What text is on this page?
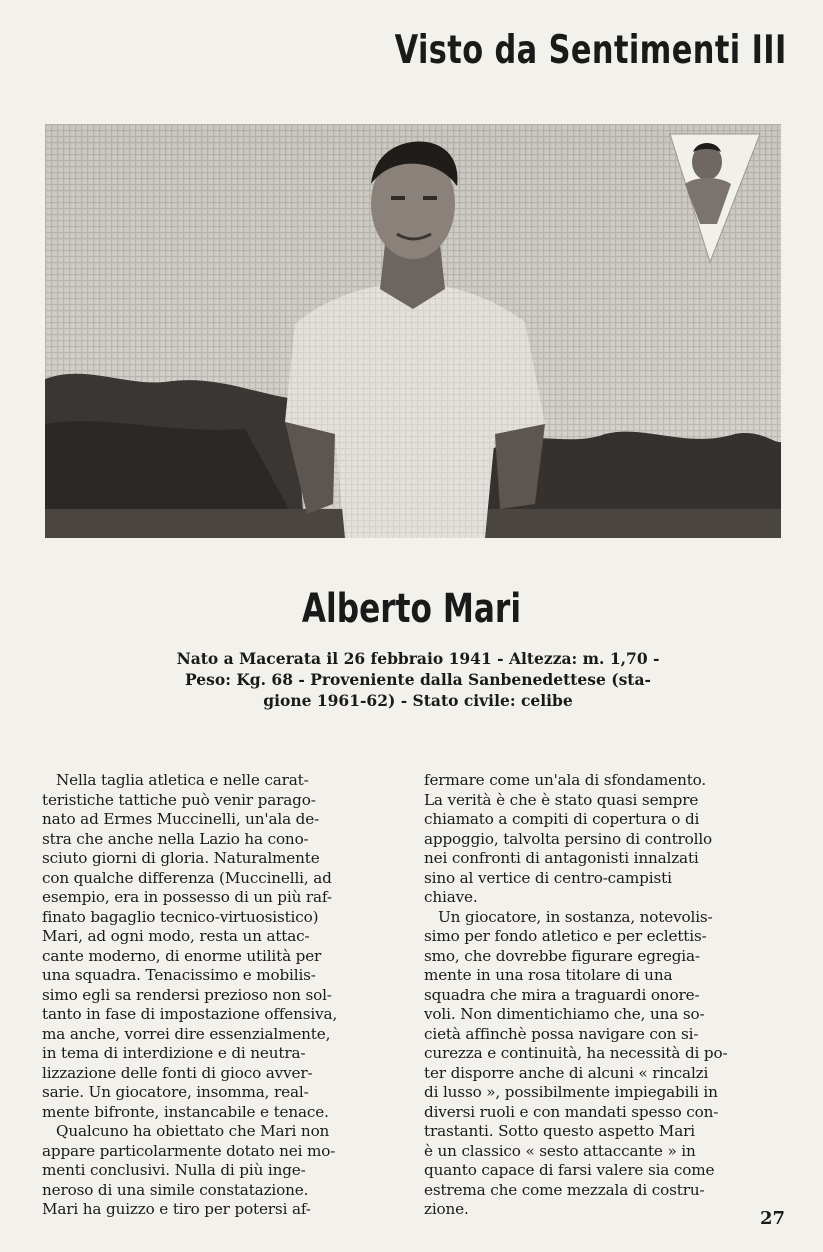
Visto da Sentimenti III
Alberto Mari
Nato a Macerata il 26 febbraio 1941 - Altezza: m. 1,70 -
Peso: Kg. 68 - Proveniente dalla Sanbenedettese (sta-
gione 1961-62) - Stato civile: celibe
Nella taglia atletica e nelle carat-
teristiche tattiche può venir parago-
nato ad Ermes Muccinelli, un'ala de-
stra che anche nella Lazio ha cono-
sciuto giorni di gloria. Naturalmente
con qualche differenza (Muccinelli, ad
esempio, era in possesso di un più raf-
finato bagaglio tecnico-virtuosistico)
Mari, ad ogni modo, resta un attac-
cante moderno, di enorme utilità per
una squadra. Tenacissimo e mobilis-
simo egli sa rendersi prezioso non sol-
tanto in fase di impostazione offensiva,
ma anche, vorrei dire essenzialmente,
in tema di interdizione e di neutra-
lizzazione delle fonti di gioco avver-
sarie. Un giocatore, insomma, real-
mente bifronte, instancabile e tenace.
Qualcuno ha obiettato che Mari non
appare particolarmente dotato nei mo-
menti conclusivi. Nulla di più inge-
neroso di una simile constatazione.
Mari ha guizzo e tiro per potersi af-
fermare come un'ala di sfondamento.
La verità è che è stato quasi sempre
chiamato a compiti di copertura o di
appoggio, talvolta persino di controllo
nei confronti di antagonisti innalzati
sino al vertice di centro-campisti
chiave.
Un giocatore, in sostanza, notevolis-
simo per fondo atletico e per eclettis-
smo, che dovrebbe figurare egregia-
mente in una rosa titolare di una
squadra che mira a traguardi onore-
voli. Non dimentichiamo che, una so-
cietà affinchè possa navigare con si-
curezza e continuità, ha necessità di po-
ter disporre anche di alcuni « rincalzi
di lusso », possibilmente impiegabili in
diversi ruoli e con mandati spesso con-
trastanti. Sotto questo aspetto Mari
è un classico « sesto attaccante » in
quanto capace di farsi valere sia come
estrema che come mezzala di costru-
zione.	27
